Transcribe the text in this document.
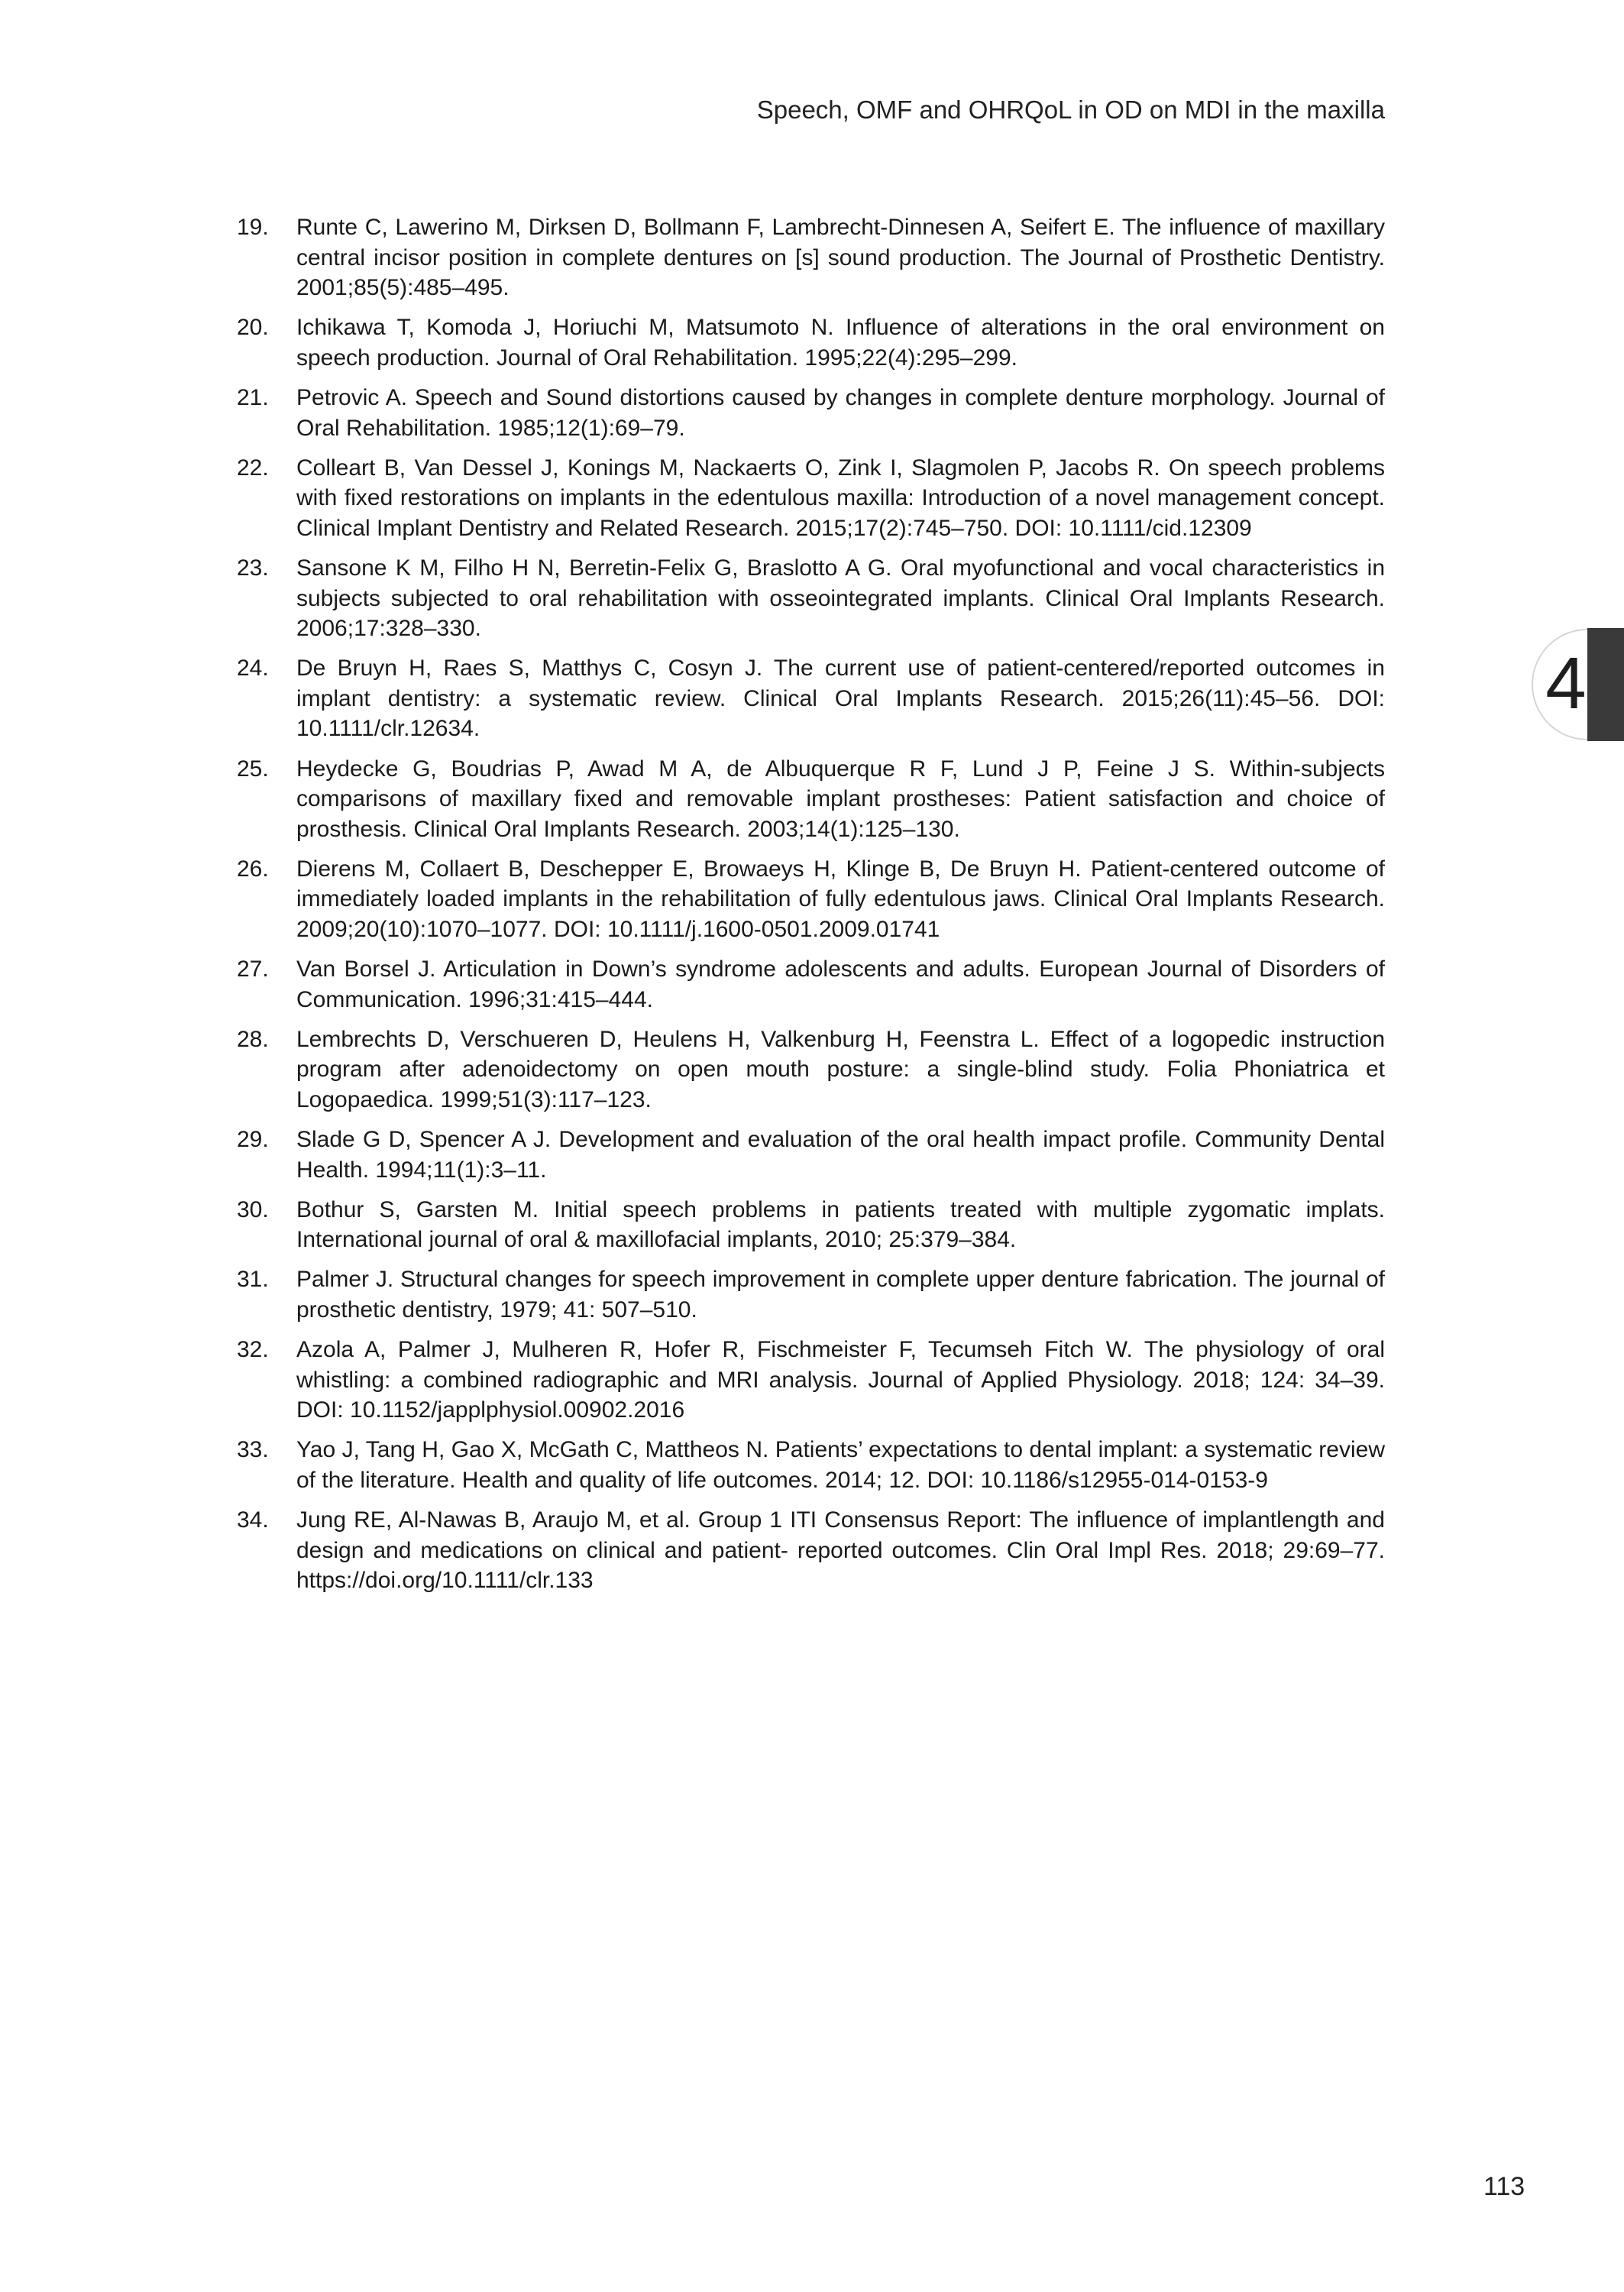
Speech, OMF and OHRQoL in OD on MDI in the maxilla
19.	Runte C, Lawerino M, Dirksen D, Bollmann F, Lambrecht-Dinnesen A, Seifert E. The influence of maxillary central incisor position in complete dentures on [s] sound production. The Journal of Prosthetic Dentistry. 2001;85(5):485–495.
20.	Ichikawa T, Komoda J, Horiuchi M, Matsumoto N. Influence of alterations in the oral environment on speech production. Journal of Oral Rehabilitation. 1995;22(4):295–299.
21.	Petrovic A. Speech and Sound distortions caused by changes in complete denture morphology. Journal of Oral Rehabilitation. 1985;12(1):69–79.
22.	Colleart B, Van Dessel J, Konings M, Nackaerts O, Zink I, Slagmolen P, Jacobs R. On speech problems with fixed restorations on implants in the edentulous maxilla: Introduction of a novel management concept. Clinical Implant Dentistry and Related Research. 2015;17(2):745–750. DOI: 10.1111/cid.12309
23.	Sansone K M, Filho H N, Berretin-Felix G, Braslotto A G. Oral myofunctional and vocal characteristics in subjects subjected to oral rehabilitation with osseointegrated implants. Clinical Oral Implants Research. 2006;17:328–330.
24.	De Bruyn H, Raes S, Matthys C, Cosyn J. The current use of patient-centered/reported outcomes in implant dentistry: a systematic review. Clinical Oral Implants Research. 2015;26(11):45–56. DOI: 10.1111/clr.12634.
25.	Heydecke G, Boudrias P, Awad M A, de Albuquerque R F, Lund J P, Feine J S. Within-subjects comparisons of maxillary fixed and removable implant prostheses: Patient satisfaction and choice of prosthesis. Clinical Oral Implants Research. 2003;14(1):125–130.
26.	Dierens M, Collaert B, Deschepper E, Browaeys H, Klinge B, De Bruyn H. Patient-centered outcome of immediately loaded implants in the rehabilitation of fully edentulous jaws. Clinical Oral Implants Research. 2009;20(10):1070–1077. DOI: 10.1111/j.1600-0501.2009.01741
27.	Van Borsel J. Articulation in Down’s syndrome adolescents and adults. European Journal of Disorders of Communication. 1996;31:415–444.
28.	Lembrechts D, Verschueren D, Heulens H, Valkenburg H, Feenstra L. Effect of a logopedic instruction program after adenoidectomy on open mouth posture: a single-blind study. Folia Phoniatrica et Logopaedica. 1999;51(3):117–123.
29.	Slade G D, Spencer A J. Development and evaluation of the oral health impact profile. Community Dental Health. 1994;11(1):3–11.
30.	Bothur S, Garsten M. Initial speech problems in patients treated with multiple zygomatic implats. International journal of oral & maxillofacial implants, 2010; 25:379–384.
31.	Palmer J. Structural changes for speech improvement in complete upper denture fabrication. The journal of prosthetic dentistry, 1979; 41: 507–510.
32.	Azola A, Palmer J, Mulheren R, Hofer R, Fischmeister F, Tecumseh Fitch W. The physiology of oral whistling: a combined radiographic and MRI analysis. Journal of Applied Physiology. 2018; 124: 34–39. DOI: 10.1152/japplphysiol.00902.2016
33.	Yao J, Tang H, Gao X, McGath C, Mattheos N. Patients’ expectations to dental implant: a systematic review of the literature. Health and quality of life outcomes. 2014; 12. DOI: 10.1186/s12955-014-0153-9
34.	Jung RE, Al-Nawas B, Araujo M, et al. Group 1 ITI Consensus Report: The influence of implantlength and design and medications on clinical and patient- reported outcomes. Clin Oral Impl Res. 2018; 29:69–77. https://doi.org/10.1111/clr.133
4
113
